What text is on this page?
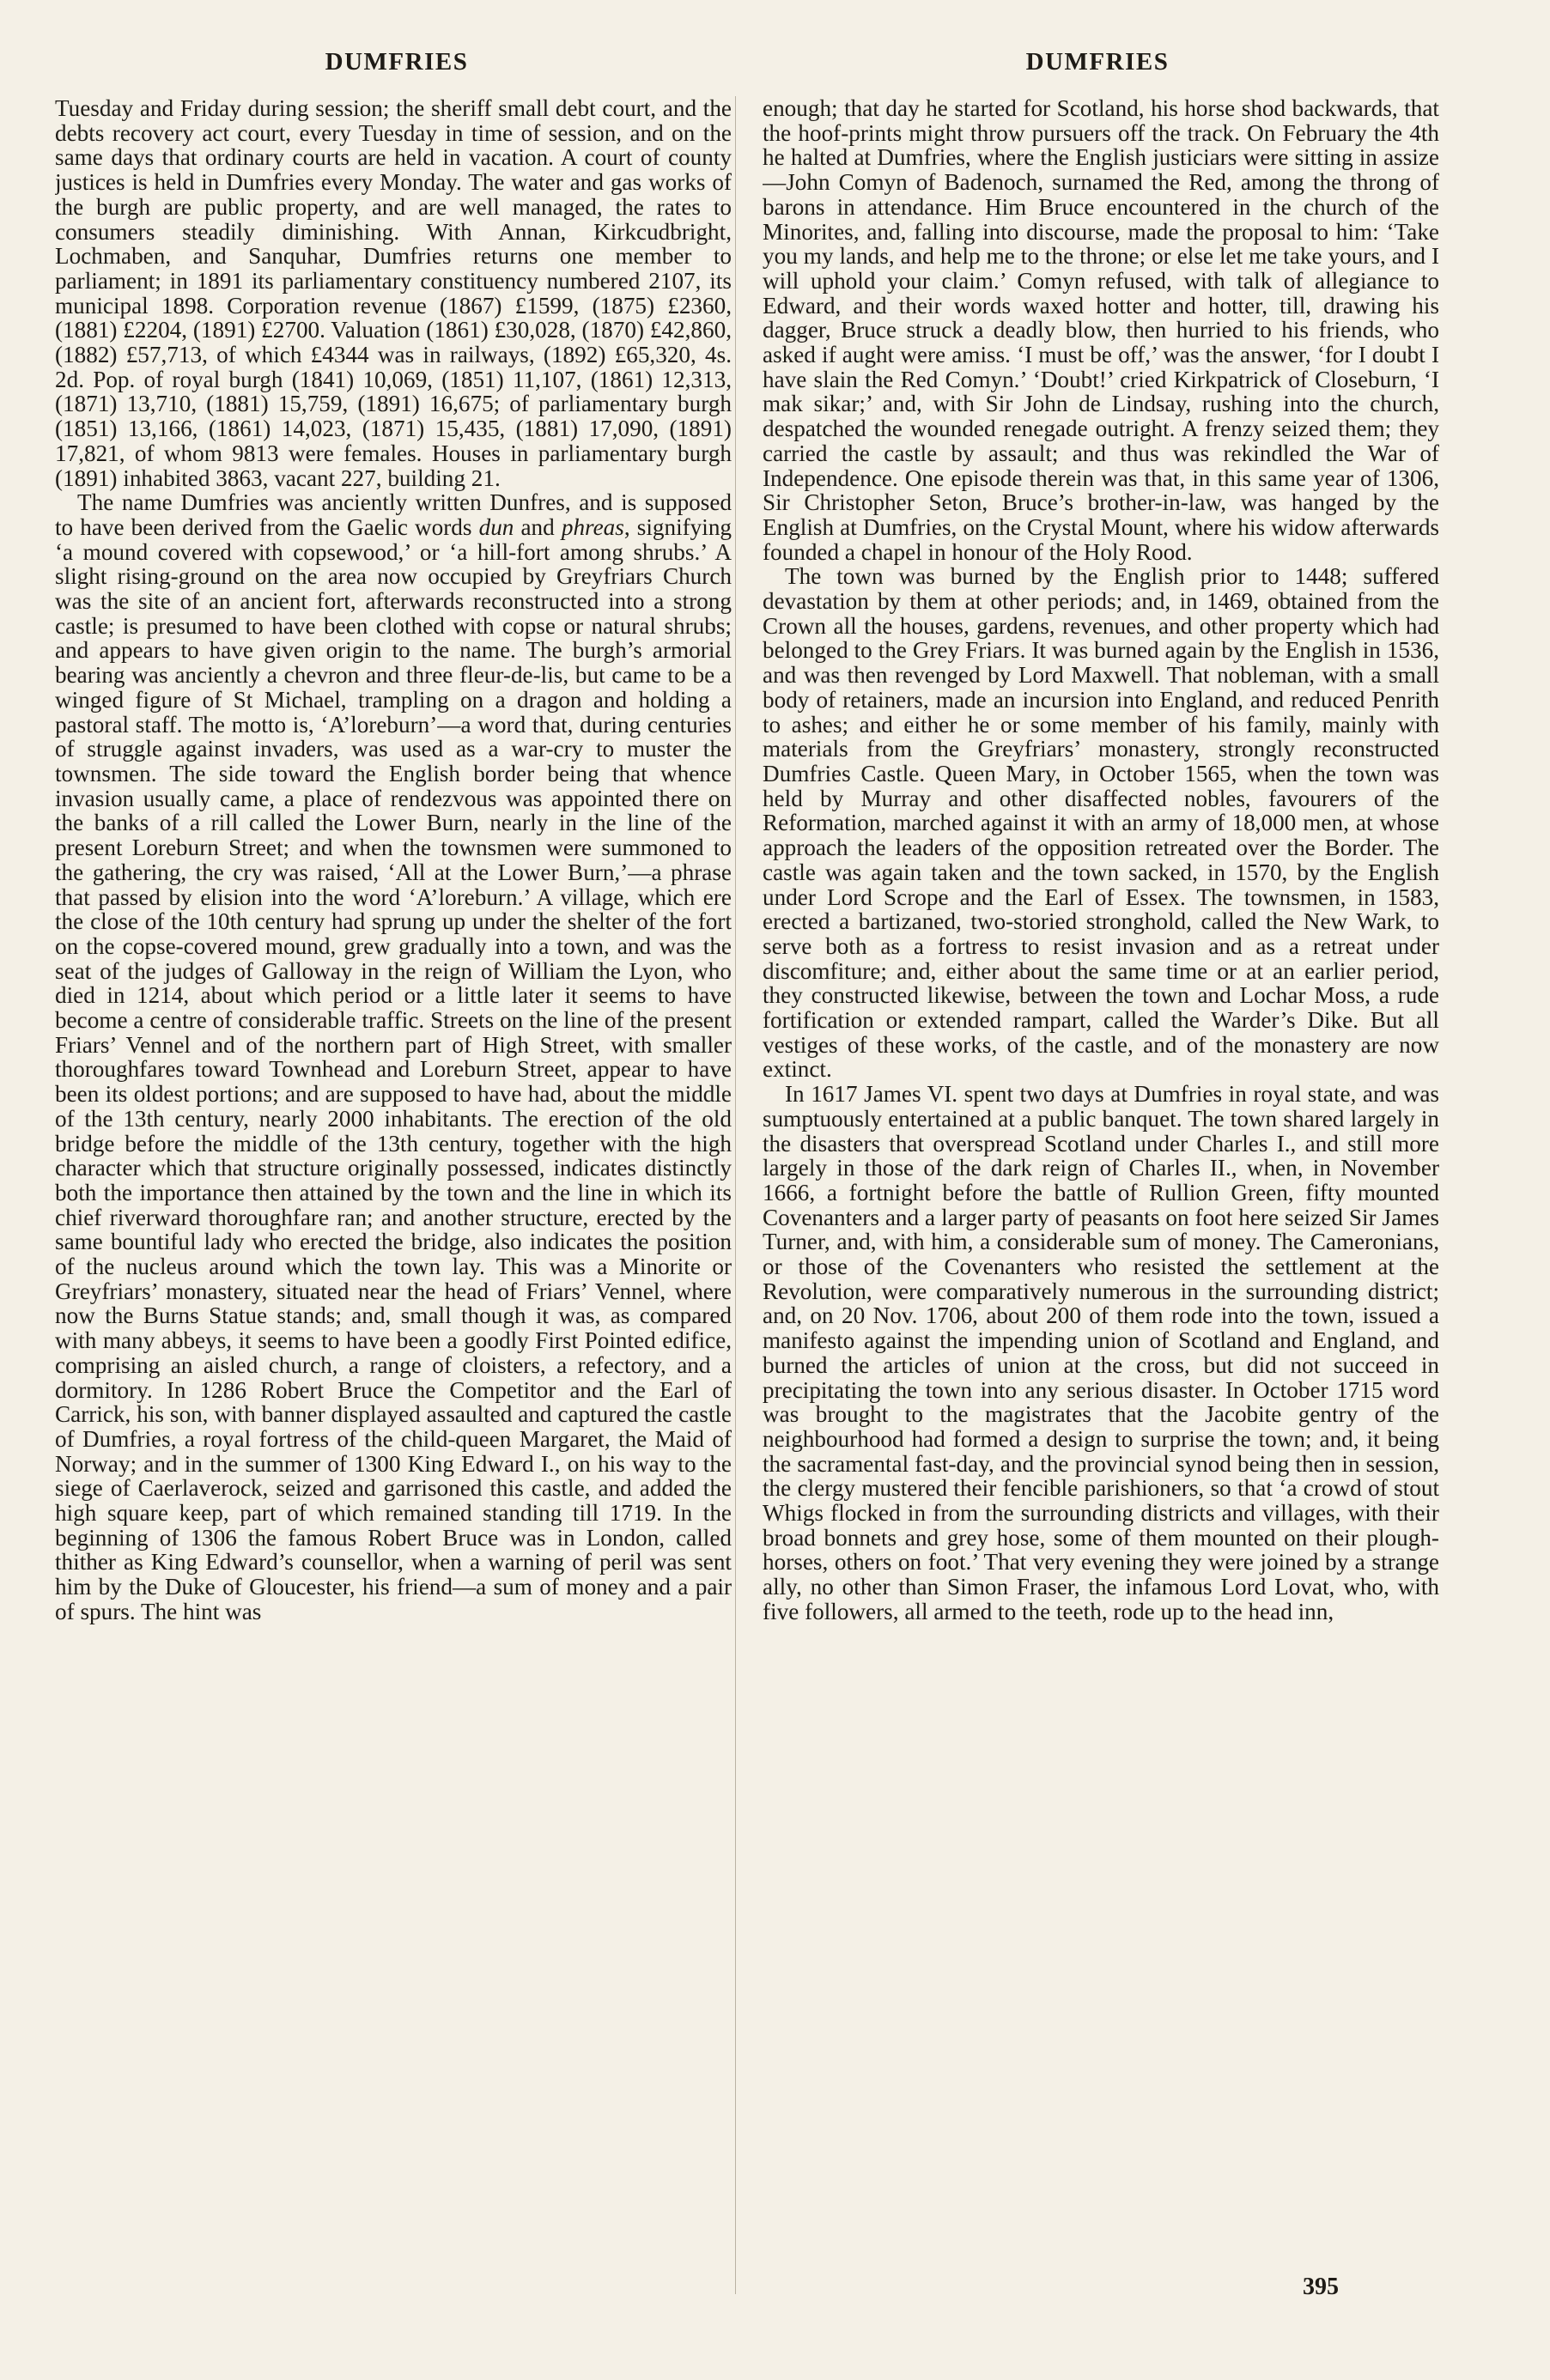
DUMFRIES	DUMFRIES

Tuesday and Friday during session; the sheriff small debt court, and the debts recovery act court, every Tuesday in time of session, and on the same days that ordinary courts are held in vacation. A court of county justices is held in Dumfries every Monday. The water and gas works of the burgh are public property, and are well managed, the rates to consumers steadily diminishing. With Annan, Kirkcudbright, Lochmaben, and Sanquhar, Dumfries returns one member to parliament; in 1891 its parliamentary constituency numbered 2107, its municipal 1898. Corporation revenue (1867) £1599, (1875) £2360, (1881) £2204, (1891) £2700. Valuation (1861) £30,028, (1870) £42,860, (1882) £57,713, of which £4344 was in railways, (1892) £65,320, 4s. 2d. Pop. of royal burgh (1841) 10,069, (1851) 11,107, (1861) 12,313, (1871) 13,710, (1881) 15,759, (1891) 16,675; of parliamentary burgh (1851) 13,166, (1861) 14,023, (1871) 15,435, (1881) 17,090, (1891) 17,821, of whom 9813 were females. Houses in parliamentary burgh (1891) inhabited 3863, vacant 227, building 21.

The name Dumfries was anciently written Dunfres, and is supposed to have been derived from the Gaelic words dun and phreas, signifying ‘a mound covered with copsewood,’ or ‘a hill-fort among shrubs.’ A slight rising-ground on the area now occupied by Greyfriars Church was the site of an ancient fort, afterwards reconstructed into a strong castle; is presumed to have been clothed with copse or natural shrubs; and appears to have given origin to the name. The burgh’s armorial bearing was anciently a chevron and three fleur-de-lis, but came to be a winged figure of St Michael, trampling on a dragon and holding a pastoral staff. The motto is, ‘A’loreburn’—a word that, during centuries of struggle against invaders, was used as a war-cry to muster the townsmen. The side toward the English border being that whence invasion usually came, a place of rendezvous was appointed there on the banks of a rill called the Lower Burn, nearly in the line of the present Loreburn Street; and when the townsmen were summoned to the gathering, the cry was raised, ‘All at the Lower Burn,’—a phrase that passed by elision into the word ‘A’loreburn.’ A village, which ere the close of the 10th century had sprung up under the shelter of the fort on the copse-covered mound, grew gradually into a town, and was the seat of the judges of Galloway in the reign of William the Lyon, who died in 1214, about which period or a little later it seems to have become a centre of considerable traffic. Streets on the line of the present Friars’ Vennel and of the northern part of High Street, with smaller thoroughfares toward Townhead and Loreburn Street, appear to have been its oldest portions; and are supposed to have had, about the middle of the 13th century, nearly 2000 inhabitants. The erection of the old bridge before the middle of the 13th century, together with the high character which that structure originally possessed, indicates distinctly both the importance then attained by the town and the line in which its chief riverward thoroughfare ran; and another structure, erected by the same bountiful lady who erected the bridge, also indicates the position of the nucleus around which the town lay. This was a Minorite or Greyfriars’ monastery, situated near the head of Friars’ Vennel, where now the Burns Statue stands; and, small though it was, as compared with many abbeys, it seems to have been a goodly First Pointed edifice, comprising an aisled church, a range of cloisters, a refectory, and a dormitory. In 1286 Robert Bruce the Competitor and the Earl of Carrick, his son, with banner displayed assaulted and captured the castle of Dumfries, a royal fortress of the child-queen Margaret, the Maid of Norway; and in the summer of 1300 King Edward I., on his way to the siege of Caerlaverock, seized and garrisoned this castle, and added the high square keep, part of which remained standing till 1719. In the beginning of 1306 the famous Robert Bruce was in London, called thither as King Edward’s counsellor, when a warning of peril was sent him by the Duke of Gloucester, his friend—a sum of money and a pair of spurs. The hint was

enough; that day he started for Scotland, his horse shod backwards, that the hoof-prints might throw pursuers off the track. On February the 4th he halted at Dumfries, where the English justiciars were sitting in assize—John Comyn of Badenoch, surnamed the Red, among the throng of barons in attendance. Him Bruce encountered in the church of the Minorites, and, falling into discourse, made the proposal to him: ‘Take you my lands, and help me to the throne; or else let me take yours, and I will uphold your claim.’ Comyn refused, with talk of allegiance to Edward, and their words waxed hotter and hotter, till, drawing his dagger, Bruce struck a deadly blow, then hurried to his friends, who asked if aught were amiss. ‘I must be off,’ was the answer, ‘for I doubt I have slain the Red Comyn.’ ‘Doubt!’ cried Kirkpatrick of Closeburn, ‘I mak sikar;’ and, with Sir John de Lindsay, rushing into the church, despatched the wounded renegade outright. A frenzy seized them; they carried the castle by assault; and thus was rekindled the War of Independence. One episode therein was that, in this same year of 1306, Sir Christopher Seton, Bruce’s brother-in-law, was hanged by the English at Dumfries, on the Crystal Mount, where his widow afterwards founded a chapel in honour of the Holy Rood.

The town was burned by the English prior to 1448; suffered devastation by them at other periods; and, in 1469, obtained from the Crown all the houses, gardens, revenues, and other property which had belonged to the Grey Friars. It was burned again by the English in 1536, and was then revenged by Lord Maxwell. That nobleman, with a small body of retainers, made an incursion into England, and reduced Penrith to ashes; and either he or some member of his family, mainly with materials from the Greyfriars’ monastery, strongly reconstructed Dumfries Castle. Queen Mary, in October 1565, when the town was held by Murray and other disaffected nobles, favourers of the Reformation, marched against it with an army of 18,000 men, at whose approach the leaders of the opposition retreated over the Border. The castle was again taken and the town sacked, in 1570, by the English under Lord Scrope and the Earl of Essex. The townsmen, in 1583, erected a bartizaned, two-storied stronghold, called the New Wark, to serve both as a fortress to resist invasion and as a retreat under discomfiture; and, either about the same time or at an earlier period, they constructed likewise, between the town and Lochar Moss, a rude fortification or extended rampart, called the Warder’s Dike. But all vestiges of these works, of the castle, and of the monastery are now extinct.

In 1617 James VI. spent two days at Dumfries in royal state, and was sumptuously entertained at a public banquet. The town shared largely in the disasters that overspread Scotland under Charles I., and still more largely in those of the dark reign of Charles II., when, in November 1666, a fortnight before the battle of Rullion Green, fifty mounted Covenanters and a larger party of peasants on foot here seized Sir James Turner, and, with him, a considerable sum of money. The Cameronians, or those of the Covenanters who resisted the settlement at the Revolution, were comparatively numerous in the surrounding district; and, on 20 Nov. 1706, about 200 of them rode into the town, issued a manifesto against the impending union of Scotland and England, and burned the articles of union at the cross, but did not succeed in precipitating the town into any serious disaster. In October 1715 word was brought to the magistrates that the Jacobite gentry of the neighbourhood had formed a design to surprise the town; and, it being the sacramental fast-day, and the provincial synod being then in session, the clergy mustered their fencible parishioners, so that ‘a crowd of stout Whigs flocked in from the surrounding districts and villages, with their broad bonnets and grey hose, some of them mounted on their plough-horses, others on foot.’ That very evening they were joined by a strange ally, no other than Simon Fraser, the infamous Lord Lovat, who, with five followers, all armed to the teeth, rode up to the head inn,

395
